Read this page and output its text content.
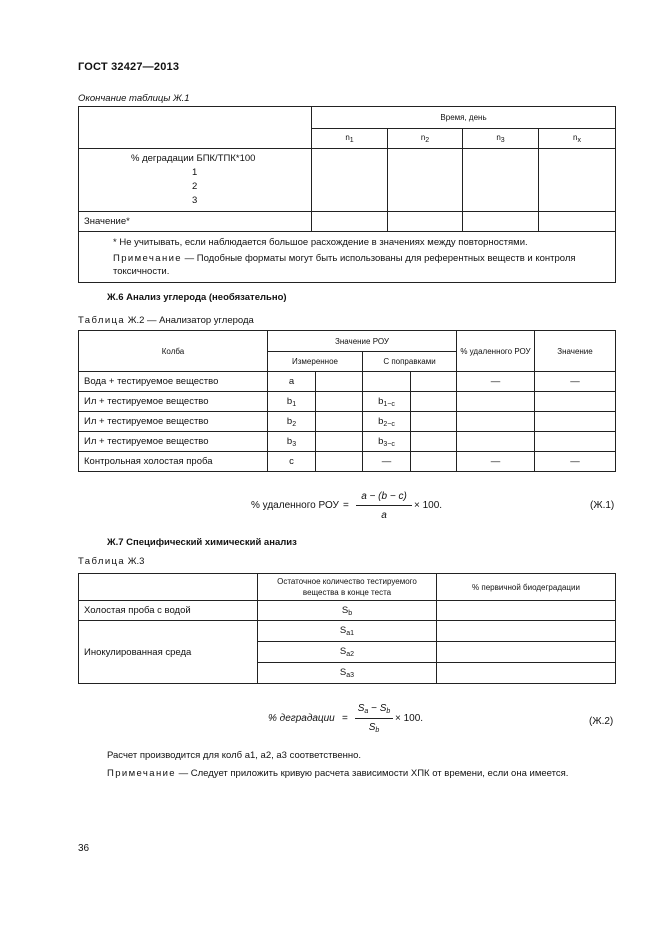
ГОСТ 32427—2013
Окончание таблицы Ж.1
	Время, день			
	$n_1$	$n_2$	$n_3$	$n_x$

% деградации БПК/ТПК*100
1
2
3				

Значение*				

* Не учитывать, если наблюдается большое расхождение в значениях между повторностями.
Примечание — Подобные форматы могут быть использованы для референтных веществ и контроля токсичности.				
Ж.6 Анализ углерода (необязательно)
Таблица Ж.2 — Анализатор углерода
Колба	Значение РОУ				% удаленного РОУ	Значение
	Измеренное		С поправками			
Вода + тестируемое вещество	a				—	—
Ил + тестируемое вещество	$b_1$		$b_{1-c}$			
Ил + тестируемое вещество	$b_2$		$b_{2-c}$			
Ил + тестируемое вещество	$b_3$		$b_{3-c}$			
Контрольная холостая проба	c		—		—	—
% удаленного РОУ =
a − (b − c)
a
× 100.	(Ж.1)
Ж.7 Специфический химический анализ
Таблица Ж.3
	Остаточное количество тестируемого вещества в конце теста	% первичной биодеградации
Холостая проба с водой	$S_b$	
Инокулированная среда	$S_{a1}$	
	$S_{a2}$	
	$S_{a3}$	
% деградации =
$S_a - S_b$
$S_b$
× 100.	(Ж.2)
Расчет производится для колб a1, a2, a3 соответственно.
Примечание — Следует приложить кривую расчета зависимости ХПК от времени, если она имеется.
36
